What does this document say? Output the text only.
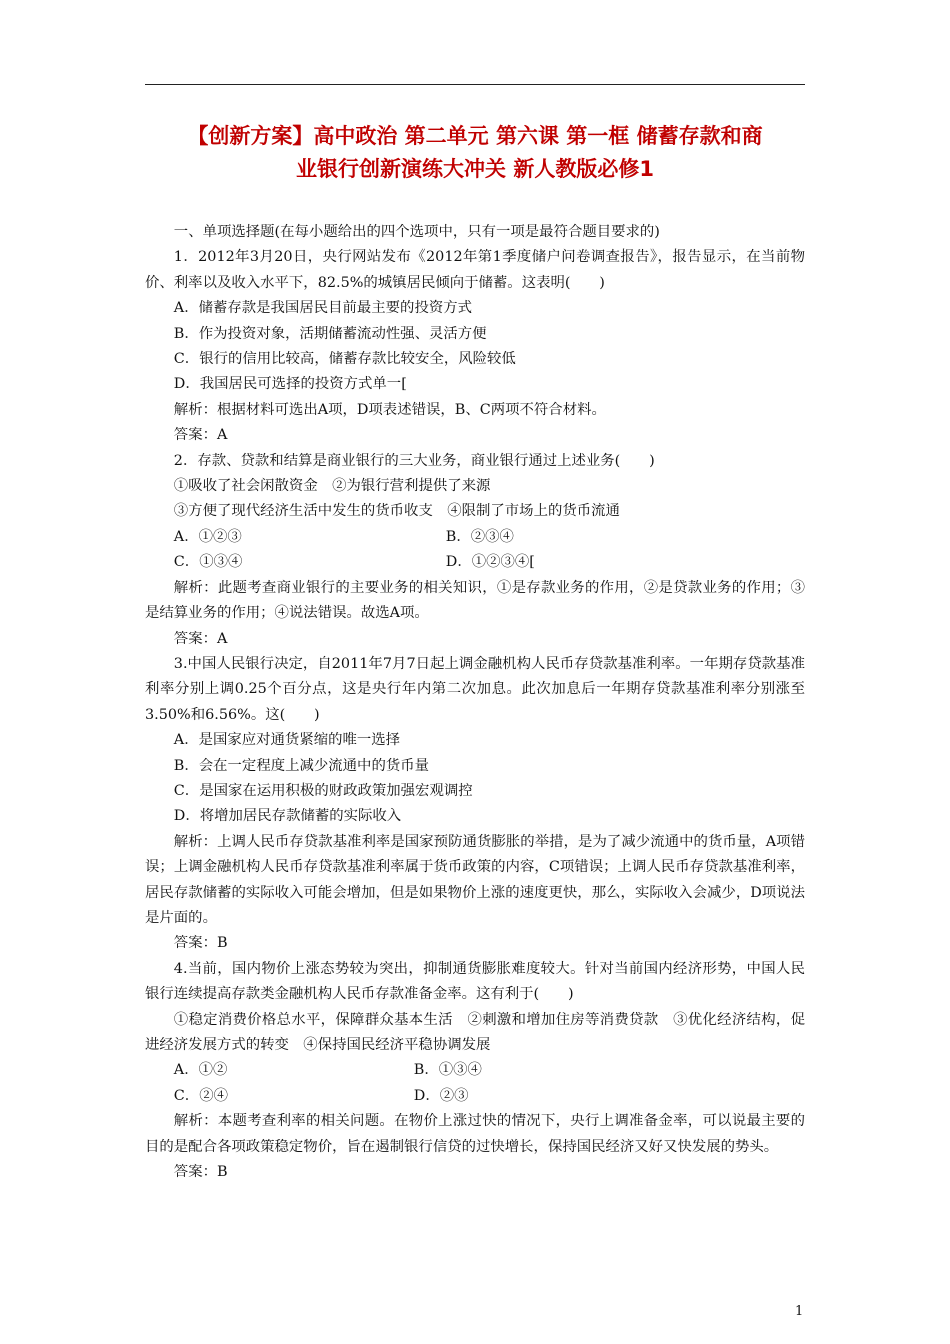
【创新方案】高中政治 第二单元 第六课 第一框 储蓄存款和商
业银行创新演练大冲关 新人教版必修1

一、单项选择题(在每小题给出的四个选项中，只有一项是最符合题目要求的)

1．2012年3月20日，央行网站发布《2012年第1季度储户问卷调查报告》，报告显示，在当前物价、利率以及收入水平下，82.5%的城镇居民倾向于储蓄。这表明(　　)

A．储蓄存款是我国居民目前最主要的投资方式

B．作为投资对象，活期储蓄流动性强、灵活方便

C．银行的信用比较高，储蓄存款比较安全，风险较低

D．我国居民可选择的投资方式单一[

解析：根据材料可选出A项，D项表述错误，B、C两项不符合材料。

答案：A

2．存款、贷款和结算是商业银行的三大业务，商业银行通过上述业务(　　)

①吸收了社会闲散资金　②为银行营利提供了来源

③方便了现代经济生活中发生的货币收支　④限制了市场上的货币流通

A．①②③	B．②③④
C．①③④	D．①②③④[

解析：此题考查商业银行的主要业务的相关知识，①是存款业务的作用，②是贷款业务的作用；③是结算业务的作用；④说法错误。故选A项。

答案：A

3.中国人民银行决定，自2011年7月7日起上调金融机构人民币存贷款基准利率。一年期存贷款基准利率分别上调0.25个百分点，这是央行年内第二次加息。此次加息后一年期存贷款基准利率分别涨至3.50%和6.56%。这(　　)

A．是国家应对通货紧缩的唯一选择

B．会在一定程度上减少流通中的货币量

C．是国家在运用积极的财政政策加强宏观调控

D．将增加居民存款储蓄的实际收入

解析：上调人民币存贷款基准利率是国家预防通货膨胀的举措，是为了减少流通中的货币量，A项错误；上调金融机构人民币存贷款基准利率属于货币政策的内容，C项错误；上调人民币存贷款基准利率，居民存款储蓄的实际收入可能会增加，但是如果物价上涨的速度更快，那么，实际收入会减少，D项说法是片面的。

答案：B

4.当前，国内物价上涨态势较为突出，抑制通货膨胀难度较大。针对当前国内经济形势，中国人民银行连续提高存款类金融机构人民币存款准备金率。这有利于(　　)

①稳定消费价格总水平，保障群众基本生活　②刺激和增加住房等消费贷款　③优化经济结构，促进经济发展方式的转变　④保持国民经济平稳协调发展

A．①②	B．①③④
C．②④	D．②③

解析：本题考查利率的相关问题。在物价上涨过快的情况下，央行上调准备金率，可以说最主要的目的是配合各项政策稳定物价，旨在遏制银行信贷的过快增长，保持国民经济又好又快发展的势头。

答案：B

1
